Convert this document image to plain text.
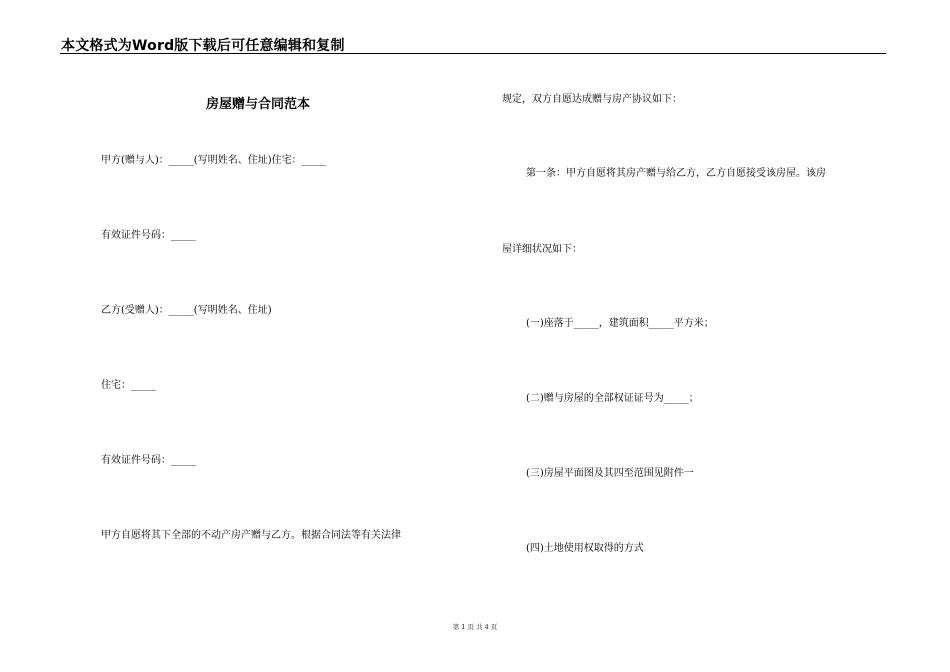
本文格式为Word版下载后可任意编辑和复制
房屋赠与合同范本
甲方(赠与人)：_____(写明姓名、住址)住宅：_____
有效证件号码：_____
乙方(受赠人)：_____(写明姓名、住址)
住宅：_____
有效证件号码：_____
甲方自愿将其下全部的不动产房产赠与乙方。根据合同法等有关法律
规定，双方自愿达成赠与房产协议如下：
第一条：甲方自愿将其房产赠与给乙方，乙方自愿接受该房屋。该房
屋详细状况如下：
(一)座落于_____，建筑面积_____平方米；
(二)赠与房屋的全部权证证号为_____；
(三)房屋平面图及其四至范围见附件一
(四)土地使用权取得的方式
第 1 页 共 4 页
